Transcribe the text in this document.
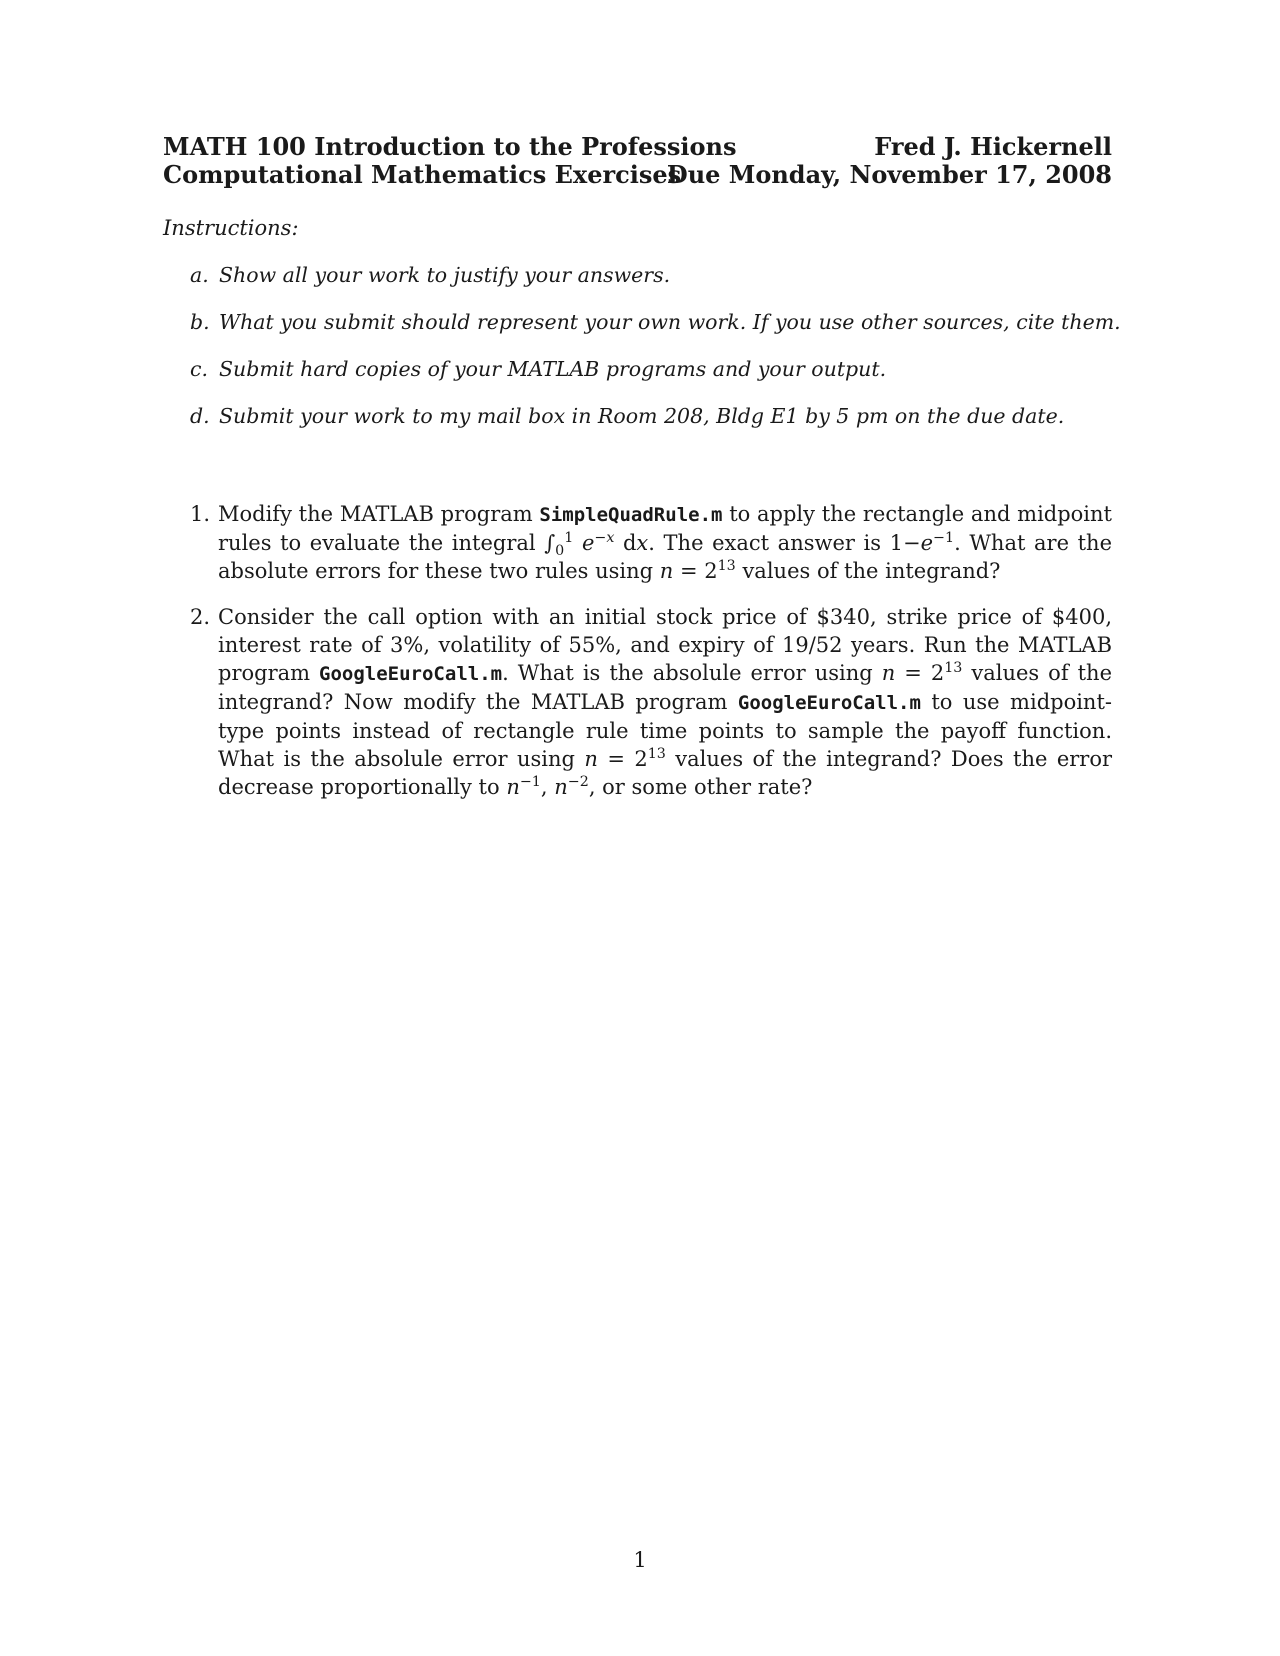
MATH 100 Introduction to the Professions	Fred J. Hickernell
Computational Mathematics Exercises
Due Monday, November 17, 2008
Instructions:
a. Show all your work to justify your answers.
b. What you submit should represent your own work. If you use other sources, cite them.
c. Submit hard copies of your MATLAB programs and your output.
d. Submit your work to my mail box in Room 208, Bldg E1 by 5 pm on the due date.
1. Modify the MATLAB program SimpleQuadRule.m to apply the rectangle and midpoint rules to evaluate the integral $\int_0^1$ $e^{-x}$ dx. The exact answer is $1-e^{-1}$. What are the absolute errors for these two rules using $n = 2^{13}$ values of the integrand?
2. Consider the call option with an initial stock price of $340, strike price of $400, interest rate of 3%, volatility of 55%, and expiry of 19/52 years. Run the MATLAB program GoogleEuroCall.m. What is the absolule error using $n = 2^{13}$ values of the integrand? Now modify the MATLAB program GoogleEuroCall.m to use midpoint-type points instead of rectangle rule time points to sample the payoff function. What is the absolule error using $n = 2^{13}$ values of the integrand? Does the error decrease proportionally to $n^{-1}$, $n^{-2}$, or some other rate?
1
